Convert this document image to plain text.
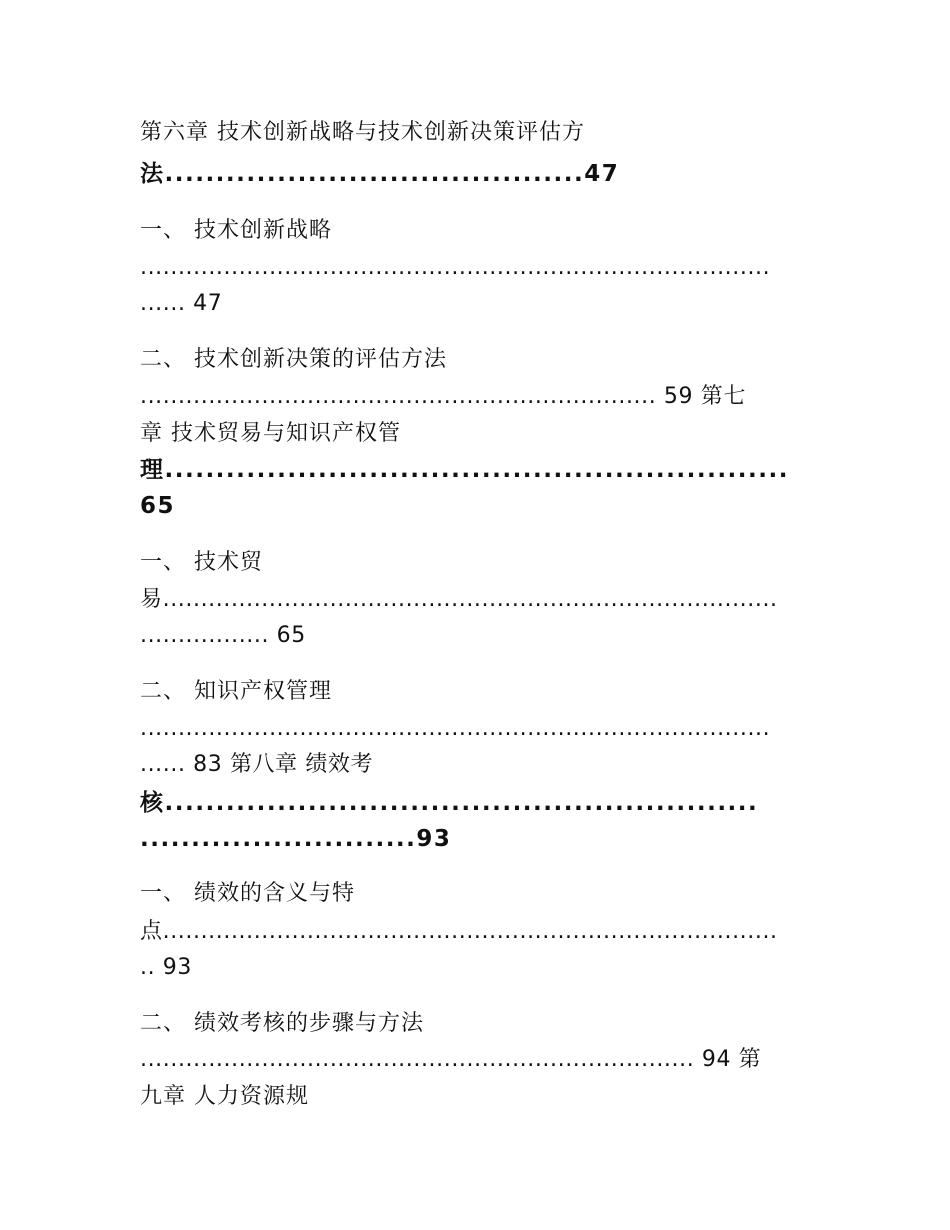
第六章 技术创新战略与技术创新决策评估方
法.........................................47
一、 技术创新战略
...................................................................................
...... 47
二、 技术创新决策的评估方法
.................................................................... 59 第七
章 技术贸易与知识产权管
理.............................................................
65
一、 技术贸
易.................................................................................
................. 65
二、 知识产权管理
...................................................................................
...... 83 第八章 绩效考
核..........................................................
...........................93
一、 绩效的含义与特
点.................................................................................
.. 93
二、 绩效考核的步骤与方法
......................................................................... 94 第
九章 人力资源规
